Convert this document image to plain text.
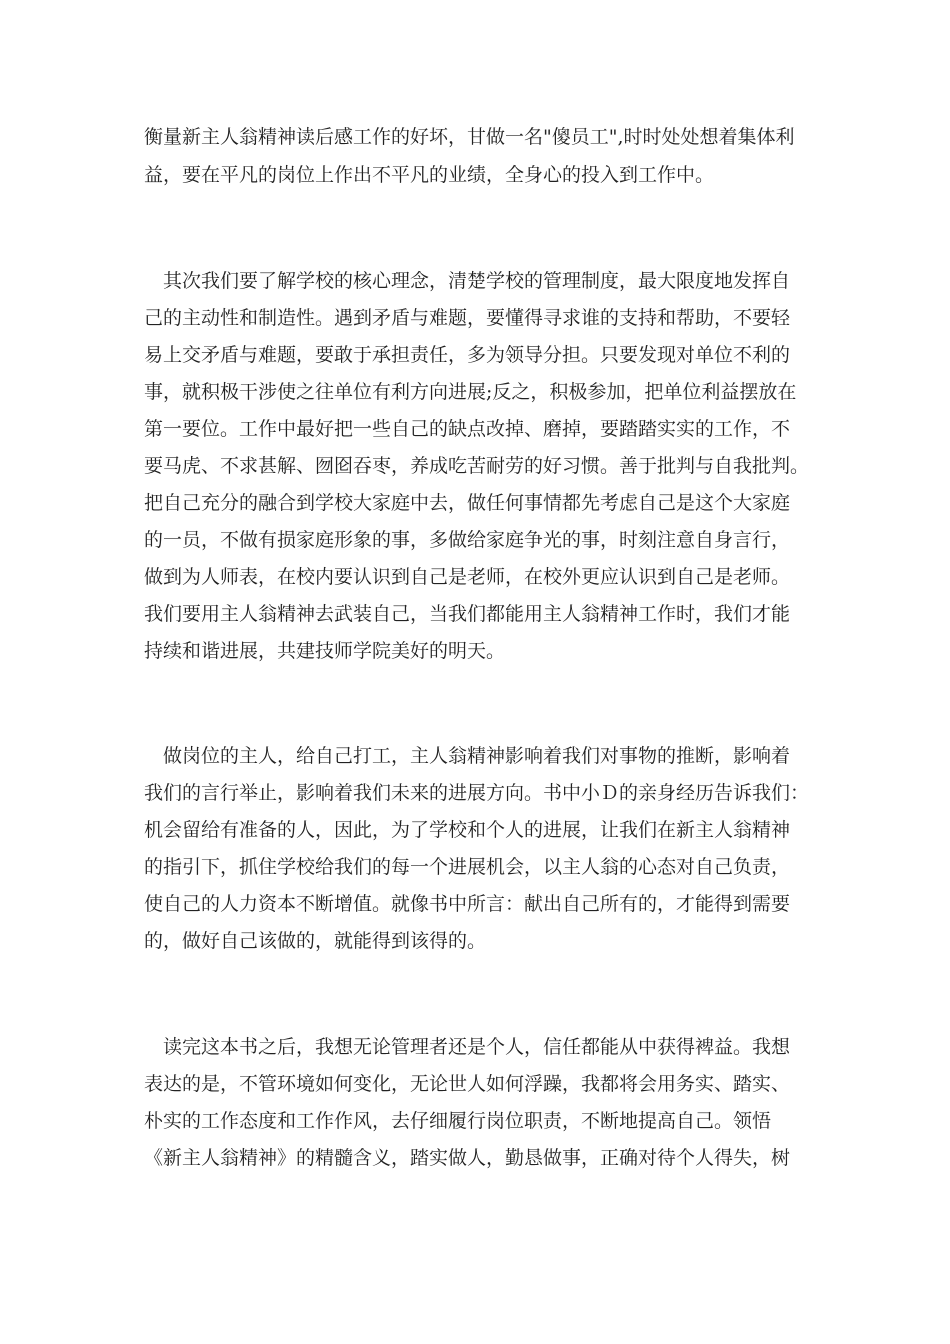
衡量新主人翁精神读后感工作的好坏，甘做一名"傻员工",时时处处想着集体利
益，要在平凡的岗位上作出不平凡的业绩，全身心的投入到工作中。
　其次我们要了解学校的核心理念，清楚学校的管理制度，最大限度地发挥自
己的主动性和制造性。遇到矛盾与难题，要懂得寻求谁的支持和帮助，不要轻
易上交矛盾与难题，要敢于承担责任，多为领导分担。只要发现对单位不利的
事，就积极干涉使之往单位有利方向进展;反之，积极参加，把单位利益摆放在
第一要位。工作中最好把一些自己的缺点改掉、磨掉，要踏踏实实的工作，不
要马虎、不求甚解、囫囵吞枣，养成吃苦耐劳的好习惯。善于批判与自我批判。
把自己充分的融合到学校大家庭中去，做任何事情都先考虑自己是这个大家庭
的一员，不做有损家庭形象的事，多做给家庭争光的事，时刻注意自身言行，
做到为人师表，在校内要认识到自己是老师，在校外更应认识到自己是老师。
我们要用主人翁精神去武装自己，当我们都能用主人翁精神工作时，我们才能
持续和谐进展，共建技师学院美好的明天。
　做岗位的主人，给自己打工，主人翁精神影响着我们对事物的推断，影响着
我们的言行举止，影响着我们未来的进展方向。书中小Ｄ的亲身经历告诉我们：
机会留给有准备的人，因此，为了学校和个人的进展，让我们在新主人翁精神
的指引下，抓住学校给我们的每一个进展机会，以主人翁的心态对自己负责，
使自己的人力资本不断增值。就像书中所言：献出自己所有的，才能得到需要
的，做好自己该做的，就能得到该得的。
　读完这本书之后，我想无论管理者还是个人，信任都能从中获得裨益。我想
表达的是，不管环境如何变化，无论世人如何浮躁，我都将会用务实、踏实、
朴实的工作态度和工作作风，去仔细履行岗位职责，不断地提高自己。领悟
《新主人翁精神》的精髓含义，踏实做人，勤恳做事，正确对待个人得失，树
